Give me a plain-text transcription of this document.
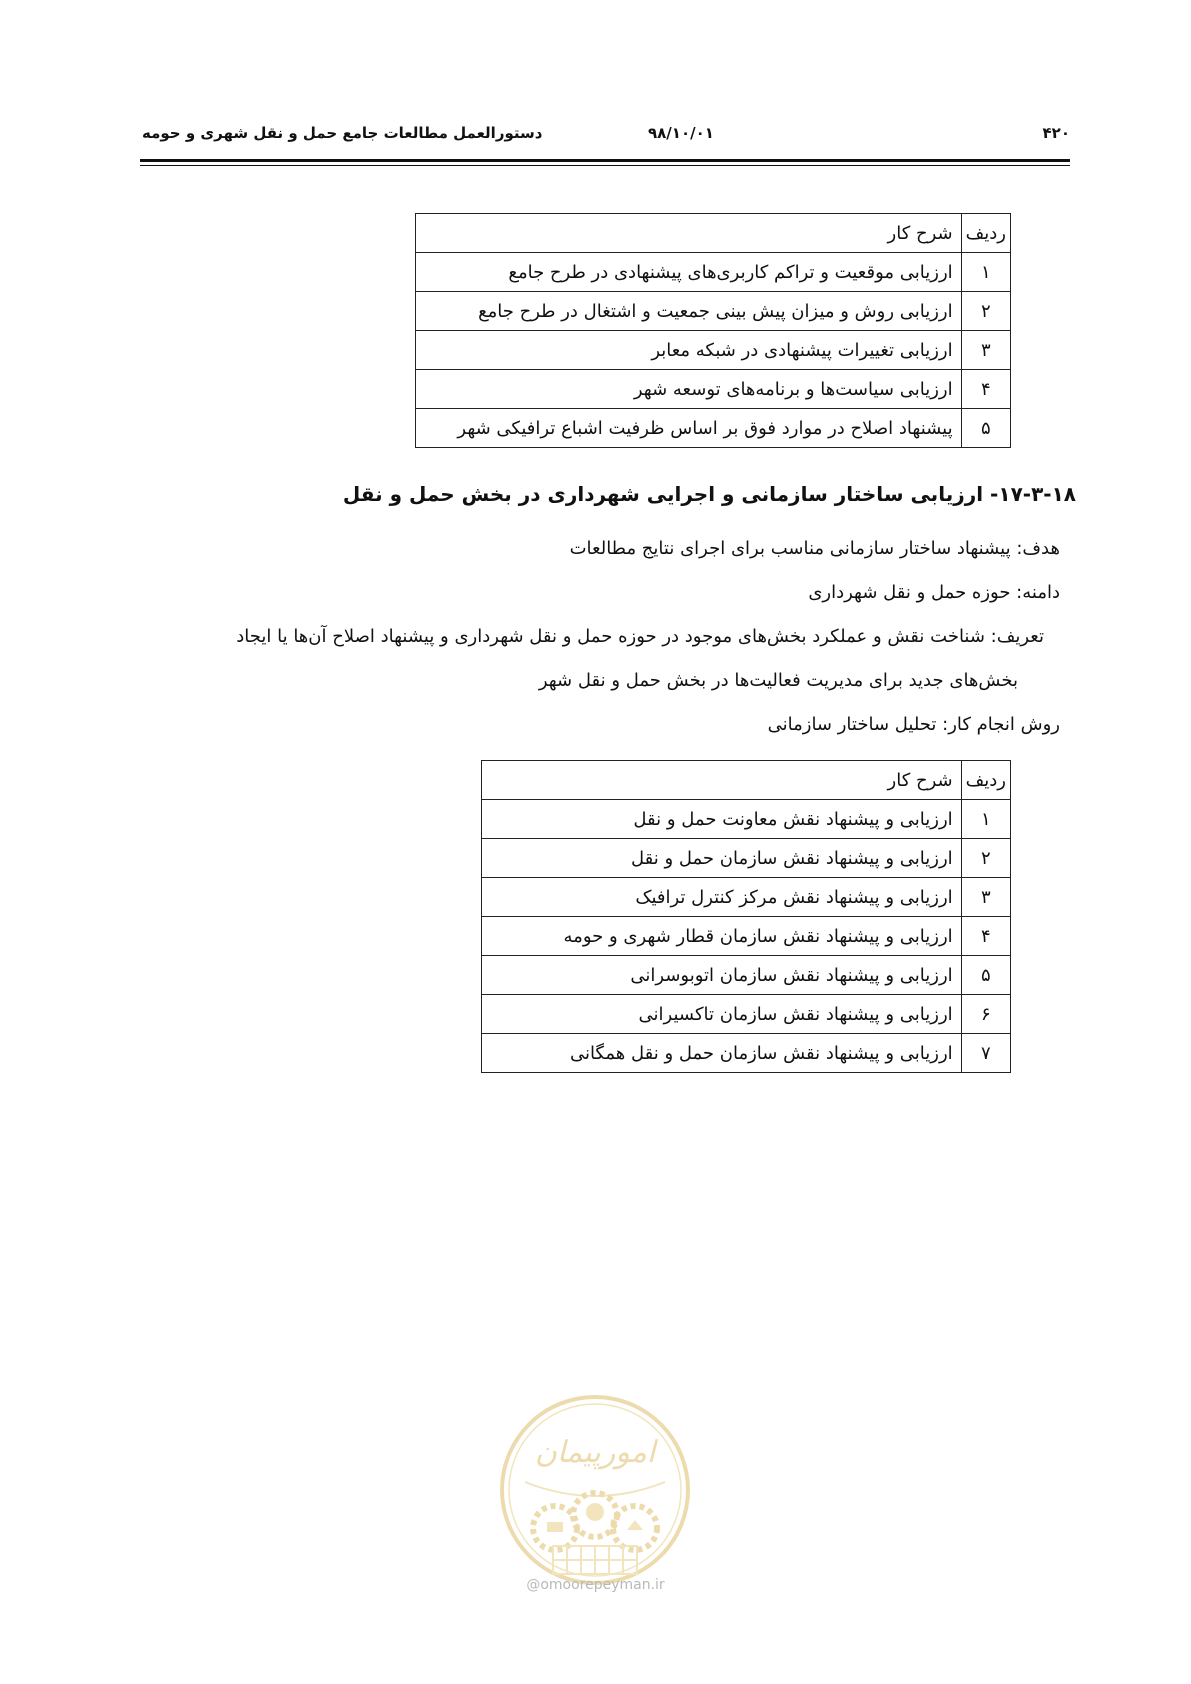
۴۲۰
۹۸/۱۰/۰۱
دستورالعمل مطالعات جامع حمل و نقل شهری و حومه
ردیف	شرح کار
۱	ارزیابی موقعیت و تراکم کاربری‌های پیشنهادی در طرح جامع
۲	ارزیابی روش و میزان پیش بینی جمعیت و اشتغال در طرح جامع
۳	ارزیابی تغییرات پیشنهادی در شبکه معابر
۴	ارزیابی سیاست‌ها و برنامه‌های توسعه شهر
۵	پیشنهاد اصلاح در موارد فوق بر اساس ظرفیت اشباع ترافیکی شهر
۱۷-۳-۱۸- ارزیابی ساختار سازمانی و اجرایی شهرداری در بخش حمل و نقل
هدف: پیشنهاد ساختار سازمانی مناسب برای اجرای نتایج مطالعات
دامنه: حوزه حمل و نقل شهرداری
تعریف: شناخت نقش و عملکرد بخش‌های موجود در حوزه حمل و نقل شهرداری و پیشنهاد اصلاح آن‌ها یا ایجاد
بخش‌های جدید برای مدیریت فعالیت‌ها در بخش حمل و نقل شهر
روش انجام کار: تحلیل ساختار سازمانی
ردیف	شرح کار
۱	ارزیابی و پیشنهاد نقش معاونت حمل و نقل
۲	ارزیابی و پیشنهاد نقش سازمان حمل و نقل
۳	ارزیابی و پیشنهاد نقش مرکز کنترل ترافیک
۴	ارزیابی و پیشنهاد نقش سازمان قطار شهری و حومه
۵	ارزیابی و پیشنهاد نقش سازمان اتوبوسرانی
۶	ارزیابی و پیشنهاد نقش سازمان تاکسیرانی
۷	ارزیابی و پیشنهاد نقش سازمان حمل و نقل همگانی
امورپیمان
@omoorepeyman.ir
